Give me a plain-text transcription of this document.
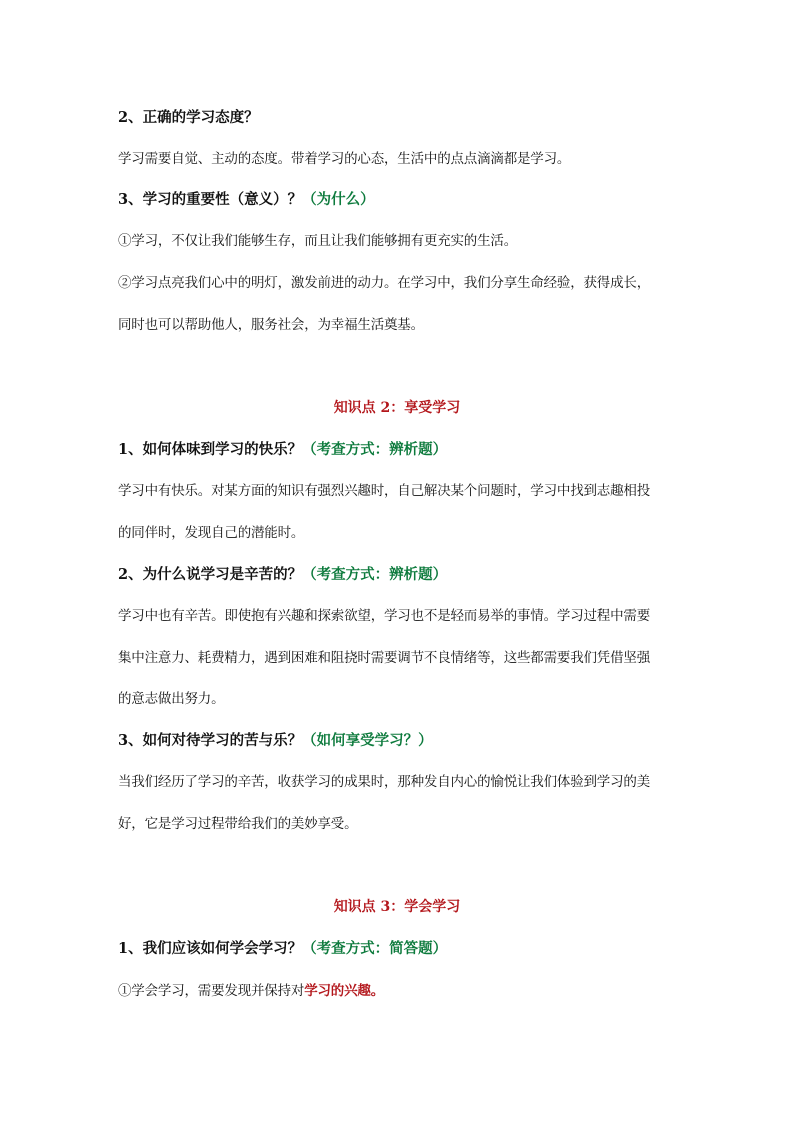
2、正确的学习态度？

学习需要自觉、主动的态度。带着学习的心态，生活中的点点滴滴都是学习。

3、学习的重要性（意义）？（为什么）

①学习，不仅让我们能够生存，而且让我们能够拥有更充实的生活。

②学习点亮我们心中的明灯，激发前进的动力。在学习中，我们分享生命经验，获得成长，

同时也可以帮助他人，服务社会，为幸福生活奠基。

知识点 2：享受学习

1、如何体味到学习的快乐？（考查方式：辨析题）

学习中有快乐。对某方面的知识有强烈兴趣时，自己解决某个问题时，学习中找到志趣相投

的同伴时，发现自己的潜能时。

2、为什么说学习是辛苦的？（考查方式：辨析题）

学习中也有辛苦。即使抱有兴趣和探索欲望，学习也不是轻而易举的事情。学习过程中需要

集中注意力、耗费精力，遇到困难和阻挠时需要调节不良情绪等，这些都需要我们凭借坚强

的意志做出努力。

3、如何对待学习的苦与乐？（如何享受学习？）

当我们经历了学习的辛苦，收获学习的成果时，那种发自内心的愉悦让我们体验到学习的美

好，它是学习过程带给我们的美妙享受。

知识点 3：学会学习

1、我们应该如何学会学习？（考查方式：简答题）

①学会学习，需要发现并保持对学习的兴趣。
